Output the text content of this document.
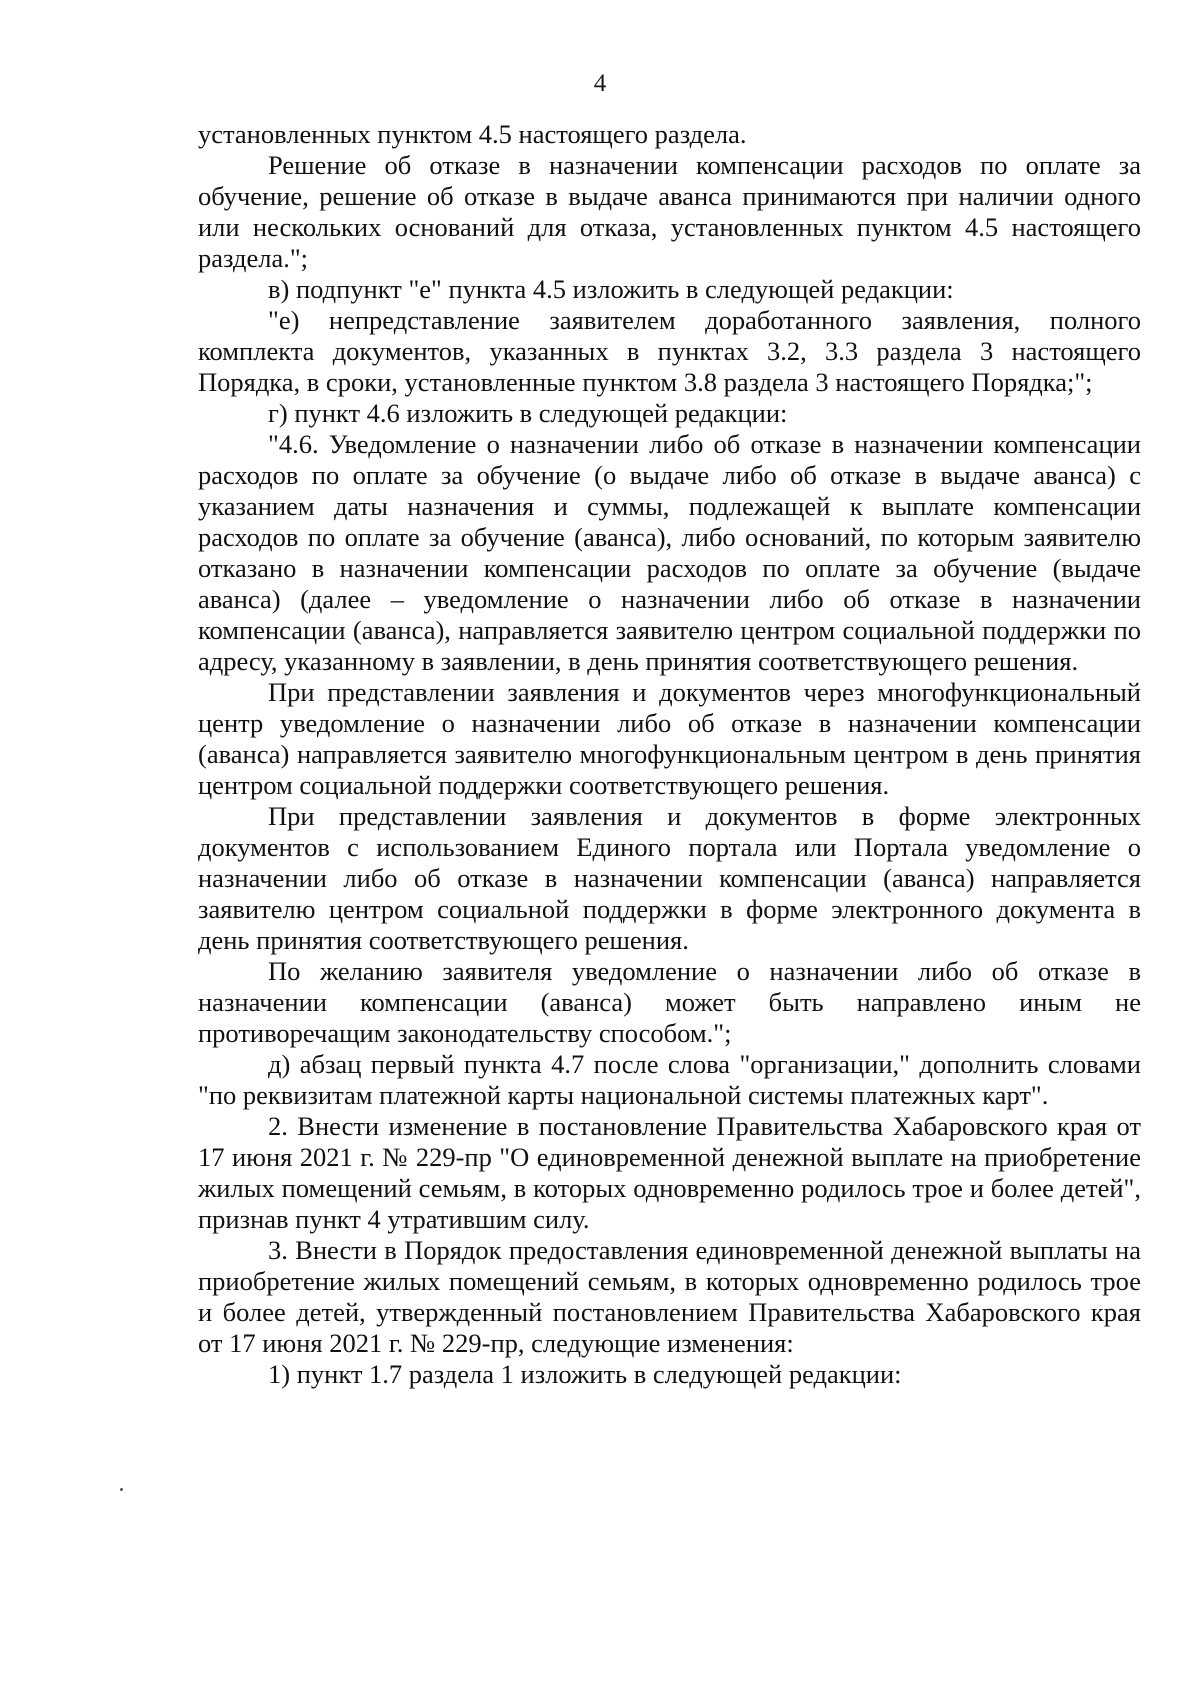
4

установленных пунктом 4.5 настоящего раздела.

Решение об отказе в назначении компенсации расходов по оплате за обучение, решение об отказе в выдаче аванса принимаются при наличии одного или нескольких оснований для отказа, установленных пунктом 4.5 настоящего раздела.";

в) подпункт "е" пункта 4.5 изложить в следующей редакции:

"е) непредставление заявителем доработанного заявления, полного комплекта документов, указанных в пунктах 3.2, 3.3 раздела 3 настоящего Порядка, в сроки, установленные пунктом 3.8 раздела 3 настоящего Порядка;";

г) пункт 4.6 изложить в следующей редакции:

"4.6. Уведомление о назначении либо об отказе в назначении компенсации расходов по оплате за обучение (о выдаче либо об отказе в выдаче аванса) с указанием даты назначения и суммы, подлежащей к выплате компенсации расходов по оплате за обучение (аванса), либо оснований, по которым заявителю отказано в назначении компенсации расходов по оплате за обучение (выдаче аванса) (далее – уведомление о назначении либо об отказе в назначении компенсации (аванса), направляется заявителю центром социальной поддержки по адресу, указанному в заявлении, в день принятия соответствующего решения.

При представлении заявления и документов через многофункциональный центр уведомление о назначении либо об отказе в назначении компенсации (аванса) направляется заявителю многофункциональным центром в день принятия центром социальной поддержки соответствующего решения.

При представлении заявления и документов в форме электронных документов с использованием Единого портала или Портала уведомление о назначении либо об отказе в назначении компенсации (аванса) направляется заявителю центром социальной поддержки в форме электронного документа в день принятия соответствующего решения.

По желанию заявителя уведомление о назначении либо об отказе в назначении компенсации (аванса) может быть направлено иным не противоречащим законодательству способом.";

д) абзац первый пункта 4.7 после слова "организации," дополнить словами "по реквизитам платежной карты национальной системы платежных карт".

2. Внести изменение в постановление Правительства Хабаровского края от 17 июня 2021 г. № 229-пр "О единовременной денежной выплате на приобретение жилых помещений семьям, в которых одновременно родилось трое и более детей", признав пункт 4 утратившим силу.

3. Внести в Порядок предоставления единовременной денежной выплаты на приобретение жилых помещений семьям, в которых одновременно родилось трое и более детей, утвержденный постановлением Правительства Хабаровского края от 17 июня 2021 г. № 229-пр, следующие изменения:

1) пункт 1.7 раздела 1 изложить в следующей редакции:
